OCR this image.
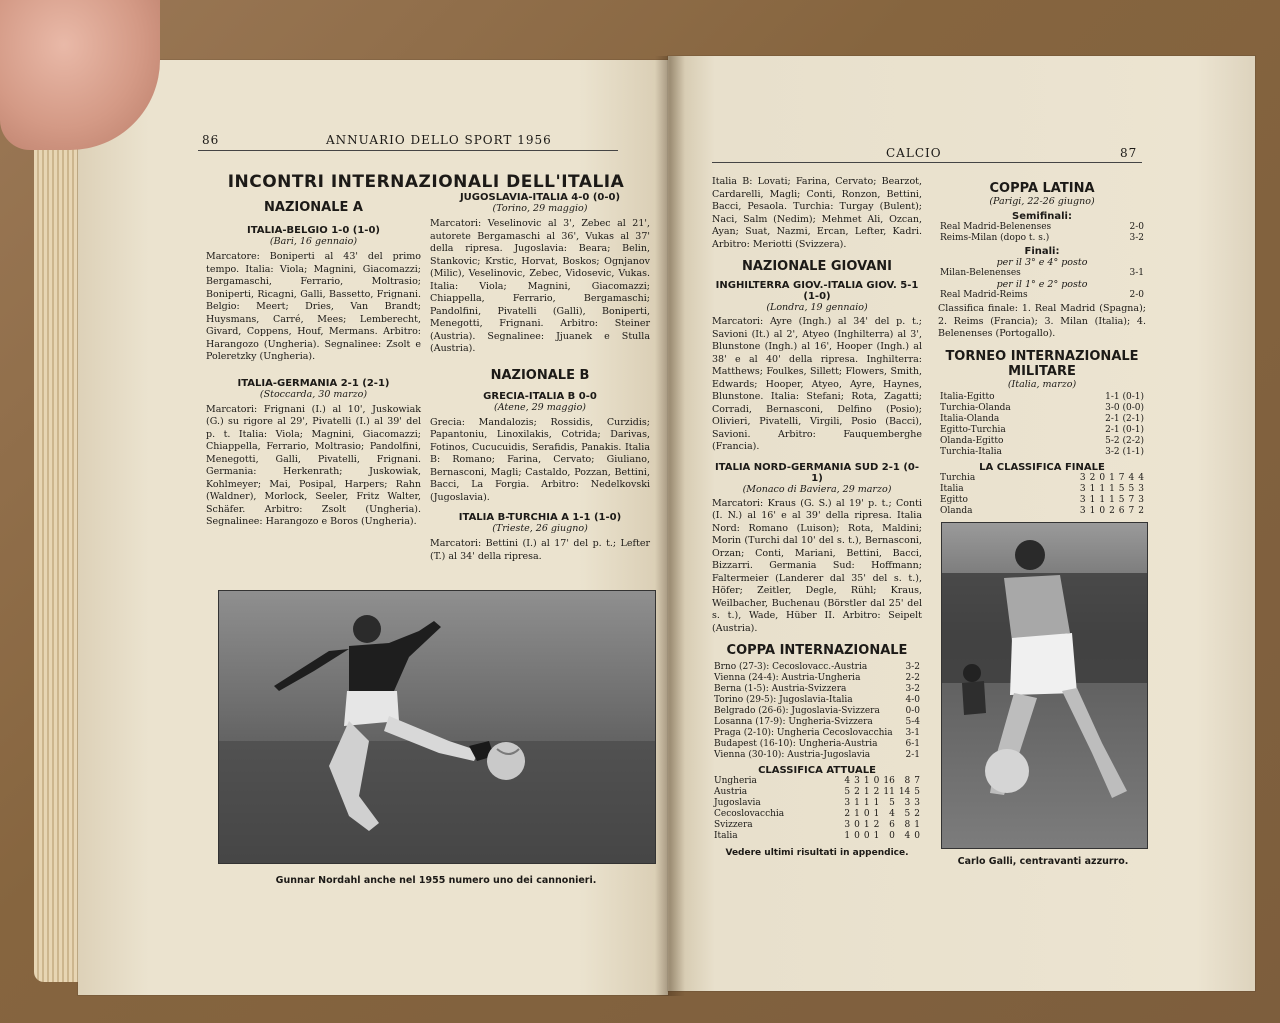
86	ANNUARIO DELLO SPORT 1956
INCONTRI INTERNAZIONALI DELL'ITALIA
NAZIONALE A
ITALIA-BELGIO 1-0 (1-0)
(Bari, 16 gennaio)
Marcatore: Boniperti al 43' del primo tempo. Italia: Viola; Magnini, Giacomazzi; Bergamaschi, Ferrario, Moltrasio; Boniperti, Ricagni, Galli, Bassetto, Frignani. Belgio: Meert; Dries, Van Brandt; Huysmans, Carré, Mees; Lemberecht, Givard, Coppens, Houf, Mermans. Arbitro: Harangozo (Ungheria). Segnalinee: Zsolt e Poleretzky (Ungheria).
ITALIA-GERMANIA 2-1 (2-1)
(Stoccarda, 30 marzo)
Marcatori: Frignani (I.) al 10', Juskowiak (G.) su rigore al 29', Pivatelli (I.) al 39' del p. t. Italia: Viola; Magnini, Giacomazzi; Chiappella, Ferrario, Moltrasio; Pandolfini, Menegotti, Galli, Pivatelli, Frignani. Germania: Herkenrath; Juskowiak, Kohlmeyer; Mai, Posipal, Harpers; Rahn (Waldner), Morlock, Seeler, Fritz Walter, Schäfer. Arbitro: Zsolt (Ungheria). Segnalinee: Harangozo e Boros (Ungheria).
JUGOSLAVIA-ITALIA 4-0 (0-0)
(Torino, 29 maggio)
Marcatori: Veselinovic al 3', Zebec al 21', autorete Bergamaschi al 36', Vukas al 37' della ripresa. Jugoslavia: Beara; Belin, Stankovic; Krstic, Horvat, Boskos; Ognjanov (Milic), Veselinovic, Zebec, Vidosevic, Vukas. Italia: Viola; Magnini, Giacomazzi; Chiappella, Ferrario, Bergamaschi; Pandolfini, Pivatelli (Galli), Boniperti, Menegotti, Frignani. Arbitro: Steiner (Austria). Segnalinee: Jjuanek e Stulla (Austria).
NAZIONALE B
GRECIA-ITALIA B 0-0
(Atene, 29 maggio)
Grecia: Mandalozis; Rossidis, Curzidis; Papantoniu, Linoxilakis, Cotrida; Darivas, Fotinos, Cucucuidis, Serafidis, Panakis. Italia B: Romano; Farina, Cervato; Giuliano, Bernasconi, Magli; Castaldo, Pozzan, Bettini, Bacci, La Forgia. Arbitro: Nedelkovski (Jugoslavia).
ITALIA B-TURCHIA A 1-1 (1-0)
(Trieste, 26 giugno)
Marcatori: Bettini (I.) al 17' del p. t.; Lefter (T.) al 34' della ripresa.
Gunnar Nordahl anche nel 1955 numero uno dei cannonieri.
CALCIO	87
Italia B: Lovati; Farina, Cervato; Bearzot, Cardarelli, Magli; Conti, Ronzon, Bettini, Bacci, Pesaola. Turchia: Turgay (Bulent); Naci, Salm (Nedim); Mehmet Ali, Ozcan, Ayan; Suat, Nazmi, Ercan, Lefter, Kadri. Arbitro: Meriotti (Svizzera).
NAZIONALE GIOVANI
INGHILTERRA GIOV.-ITALIA GIOV. 5-1 (1-0)
(Londra, 19 gennaio)
Marcatori: Ayre (Ingh.) al 34' del p. t.; Savioni (It.) al 2', Atyeo (Inghilterra) al 3', Blunstone (Ingh.) al 16', Hooper (Ingh.) al 38' e al 40' della ripresa. Inghilterra: Matthews; Foulkes, Sillett; Flowers, Smith, Edwards; Hooper, Atyeo, Ayre, Haynes, Blunstone. Italia: Stefani; Rota, Zagatti; Corradi, Bernasconi, Delfino (Posio); Olivieri, Pivatelli, Virgili, Posio (Bacci), Savioni. Arbitro: Fauquemberghe (Francia).
ITALIA NORD-GERMANIA SUD 2-1 (0-1)
(Monaco di Baviera, 29 marzo)
Marcatori: Kraus (G. S.) al 19' p. t.; Conti (I. N.) al 16' e al 39' della ripresa. Italia Nord: Romano (Luison); Rota, Maldini; Morin (Turchi dal 10' del s. t.), Bernasconi, Orzan; Conti, Mariani, Bettini, Bacci, Bizzarri. Germania Sud: Hoffmann; Faltermeier (Landerer dal 35' del s. t.), Höfer; Zeitler, Degle, Rühl; Kraus, Weilbacher, Buchenau (Börstler dal 25' del s. t.), Wade, Hüber II. Arbitro: Seipelt (Austria).
COPPA INTERNAZIONALE
Brno (27-3): Cecoslovacc.-Austria	3-2
Vienna (24-4): Austria-Ungheria	2-2
Berna (1-5): Austria-Svizzera	3-2
Torino (29-5): Jugoslavia-Italia	4-0
Belgrado (26-6): Jugoslavia-Svizzera	0-0
Losanna (17-9): Ungheria-Svizzera	5-4
Praga (2-10): Ungheria Cecoslovacchia	3-1
Budapest (16-10): Ungheria-Austria	6-1
Vienna (30-10): Austria-Jugoslavia	2-1
CLASSIFICA ATTUALE
Ungheria	4	3	1	0	16	8	7
Austria	5	2	1	2	11	14	5
Jugoslavia	3	1	1	1	5	3	3
Cecoslovacchia	2	1	0	1	4	5	2
Svizzera	3	0	1	2	6	8	1
Italia	1	0	0	1	0	4	0
Vedere ultimi risultati in appendice.
COPPA LATINA
(Parigi, 22-26 giugno)
Semifinali:
Real Madrid-Belenenses	2-0
Reims-Milan (dopo t. s.)	3-2
Finali:
per il 3° e 4° posto
Milan-Belenenses	3-1
per il 1° e 2° posto
Real Madrid-Reims	2-0
Classifica finale: 1. Real Madrid (Spagna); 2. Reims (Francia); 3. Milan (Italia); 4. Belenenses (Portogallo).
TORNEO INTERNAZIONALE MILITARE
(Italia, marzo)
Italia-Egitto	1-1 (0-1)
Turchia-Olanda	3-0 (0-0)
Italia-Olanda	2-1 (2-1)
Egitto-Turchia	2-1 (0-1)
Olanda-Egitto	5-2 (2-2)
Turchia-Italia	3-2 (1-1)
LA CLASSIFICA FINALE
Turchia	3	2	0	1	7	4	4
Italia	3	1	1	1	5	5	3
Egitto	3	1	1	1	5	7	3
Olanda	3	1	0	2	6	7	2
Carlo Galli, centravanti azzurro.
